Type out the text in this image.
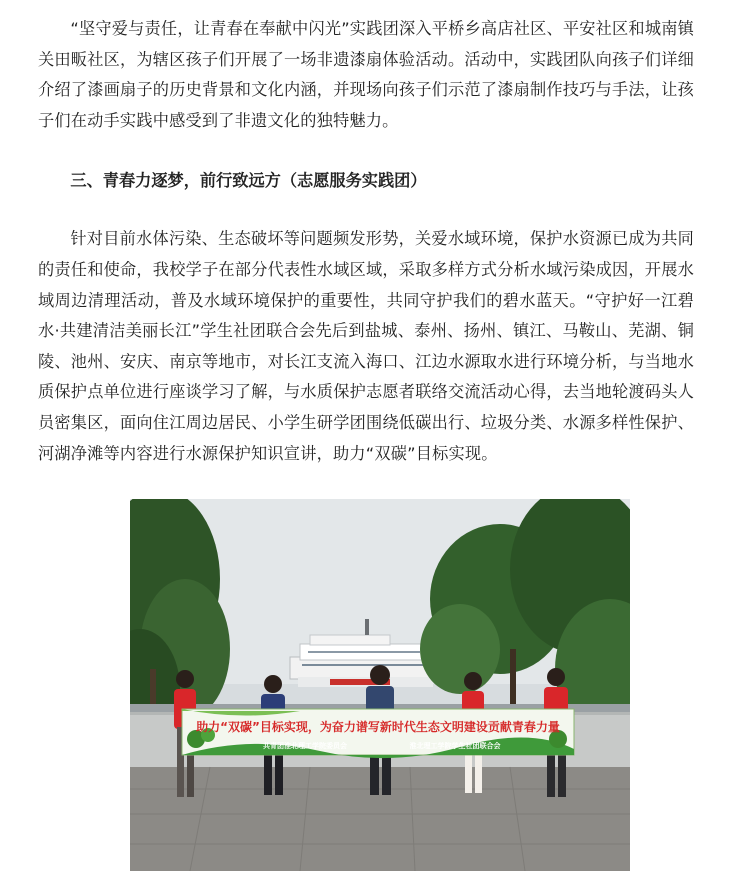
“坚守爱与责任，让青春在奉献中闪光”实践团深入平桥乡高店社区、平安社区和城南镇关田畈社区，为辖区孩子们开展了一场非遗漆扇体验活动。活动中，实践团队向孩子们详细介绍了漆画扇子的历史背景和文化内涵，并现场向孩子们示范了漆扇制作技巧与手法，让孩子们在动手实践中感受到了非遗文化的独特魅力。

三、青春力逐梦，前行致远方（志愿服务实践团）

针对目前水体污染、生态破坏等问题频发形势，关爱水域环境，保护水资源已成为共同的责任和使命，我校学子在部分代表性水域区域，采取多样方式分析水域污染成因，开展水域周边清理活动，普及水域环境保护的重要性，共同守护我们的碧水蓝天。“守护好一江碧水·共建清洁美丽长江”学生社团联合会先后到盐城、泰州、扬州、镇江、马鞍山、芜湖、铜陵、池州、安庆、南京等地市，对长江支流入海口、江边水源取水进行环境分析，与当地水质保护点单位进行座谈学习了解，与水质保护志愿者联络交流活动心得，去当地轮渡码头人员密集区，面向住江周边居民、小学生研学团围绕低碳出行、垃圾分类、水源多样性保护、河湖净滩等内容进行水源保护知识宣讲，助力“双碳”目标实现。

助力“双碳”目标实现，为奋力谱写新时代生态文明建设贡献青春力量
共青团淮北理工学院委员会	淮北理工学院学生社团联合会
